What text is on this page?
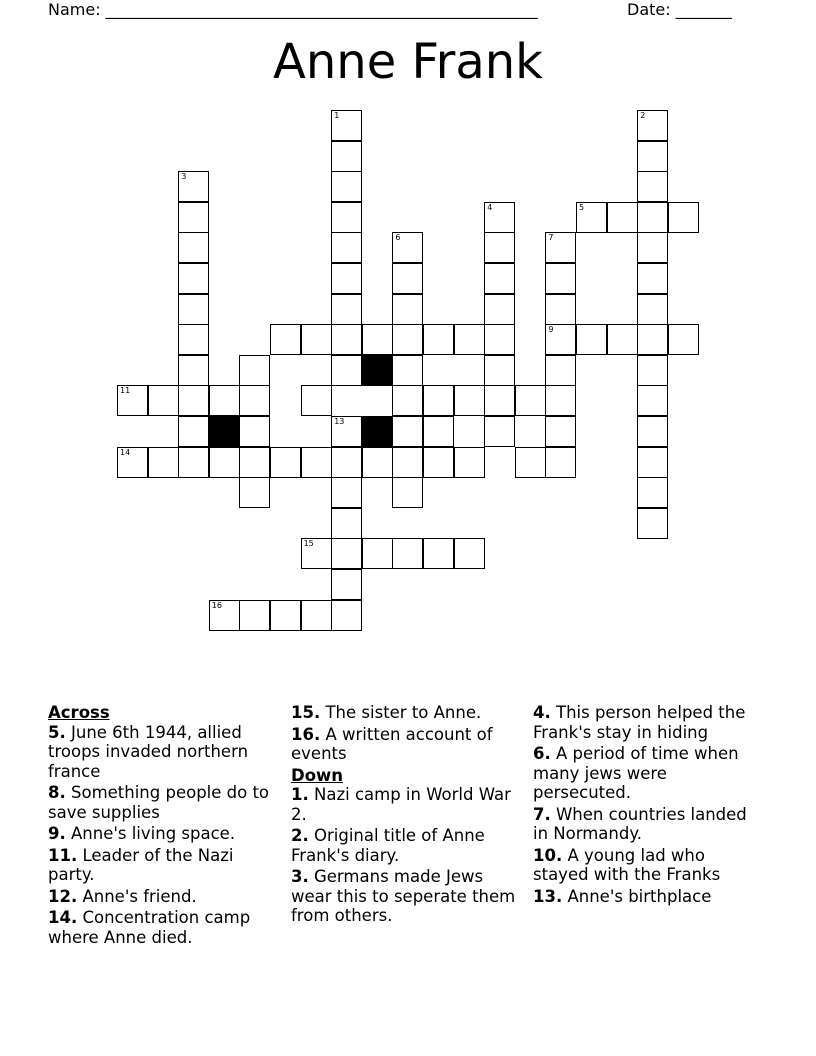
Name: ______________________________________________________	Date: _______
Anne Frank
1
13
2
3
4	5
6	7
9
11
14
15
16
Across
5. June 6th 1944, allied troops invaded northern france
8. Something people do to save supplies
9. Anne's living space.
11. Leader of the Nazi party.
12. Anne's friend.
14. Concentration camp where Anne died.
15. The sister to Anne.
16. A written account of events
Down
1. Nazi camp in World War 2.
2. Original title of Anne Frank's diary.
3. Germans made Jews wear this to seperate them from others.
4. This person helped the Frank's stay in hiding
6. A period of time when many jews were persecuted.
7. When countries landed in Normandy.
10. A young lad who stayed with the Franks
13. Anne's birthplace
